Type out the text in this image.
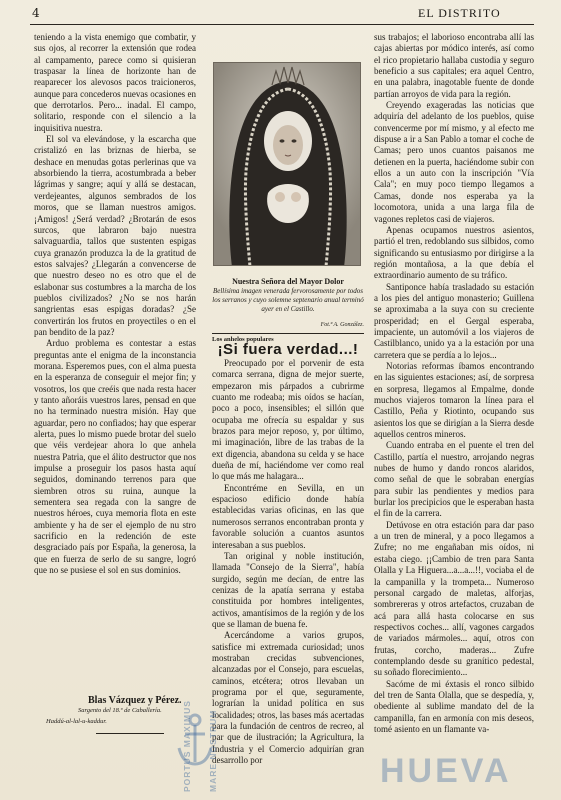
4	EL DISTRITO

teniendo a la vista enemigo que combatir, y sus ojos, al recorrer la extensión que rodea al campamento, parece como si quisieran traspasar la línea de horizonte han de reaparecer los alevosos pacos traicioneros, aunque para concederos nuevas ocasiones en que derrotarlos. Pero... inadal. El campo, solitario, responde con el silencio a la inquisitiva nuestra.

El sol va elevándose, y la escarcha que cristalizó en las briznas de hierba, se deshace en menudas gotas perlerinas que va absorbiendo la tierra, acostumbrada a beber lágrimas y sangre; aquí y allá se destacan, verdejeantes, algunos sembrados de los moros, que se llaman nuestros amigos. ¡Amigos! ¿Será verdad? ¿Brotarán de esos surcos, que labraron bajo nuestra salvaguardia, tallos que sustenten espigas cuya granazón produzca la de la gratitud de estos salvajes? ¿Llegarán a convencerse de que nuestro deseo no es otro que el de eslabonar sus costumbres a la marcha de los pueblos civilizados? ¿No se nos harán sangrientas esas espigas doradas? ¿Se convertirán los frutos en proyectiles o en el pan bendito de la paz?

Arduo problema es contestar a estas preguntas ante el enigma de la inconstancia morana. Esperemos pues, con el alma puesta en la esperanza de conseguir el mejor fin; y vosotros, los que creéis que nada resta hacer y tanto añoráis vuestros lares, pensad en que no ha terminado nuestra misión. Hay que aguardar, pero no confiados; hay que esperar alerta, pues lo mismo puede brotar del suelo que véis verdejear ahora lo que anhela nuestra Patria, que el álito destructor que nos impulse a proseguir los pasos hasta aquí seguidos, dominando terrenos para que siembren otros su ruina, aunque la sementera sea regada con la sangre de nuestros héroes, cuya memoria flota en este ambiente y ha de ser el ejemplo de nu stro sacrificio en la redención de este desgraciado país por España, la generosa, la que en fuerza de serlo de su sangre, logró que no se pusiese el sol en sus dominios.

Blas Vázquez y Pérez.
Sargento del 18.º de Caballería.
Haddú-al-lal-u-kaddur.
Nuestra Señora del Mayor Dolor
Bellísima imagen venerada fervorosamente por todos los serranos y cuyo solemne septenario anual terminó ayer en el Castillo.
Fot.ª A. González.
Los anhelos populares
¡Si fuera verdad...!

Preocupado por el porvenir de esta comarca serrana, digna de mejor suerte, empezaron mis párpados a cubrirme cuanto me rodeaba; mis oídos se hacían, poco a poco, insensibles; el sillón que ocupaba me ofrecía su espaldar y sus brazos para mejor reposo, y, por último, mi imaginación, libre de las trabas de la ext digencia, abandona su celda y se hace dueña de mí, haciéndome ver como real lo que más me halagara...

Encontréme en Sevilla, en un espacioso edificio donde había establecidas varias oficinas, en las que numerosos serranos encontraban pronta y favorable solución a cuantos asuntos interesaban a sus pueblos.

Tan original y noble institución, llamada "Consejo de la Sierra", había surgido, según me decían, de entre las cenizas de la apatía serrana y estaba constituida por hombres inteligentes, activos, amantísimos de la región y de los que se llaman de buena fe.

Acercándome a varios grupos, satisfice mi extremada curiosidad; unos mostraban crecidas subvenciones, alcanzadas por el Consejo, para escuelas, caminos, etcétera; otros llevaban un programa por el que, seguramente, lograrían la unidad política en sus localidades; otros, las bases más acertadas para la fundación de centros de recreo, al par que de ilustración; la Agricultura, la Industria y el Comercio adquirían gran desarrollo por

sus trabajos; el laborioso encontraba allí las cajas abiertas por módico interés, así como el rico propietario hallaba custodia y seguro beneficio a sus capitales; era aquel Centro, en una palabra, inagotable fuente de donde partían arroyos de vida para la región.

Creyendo exageradas las noticias que adquiría del adelanto de los pueblos, quise convencerme por mí mismo, y al efecto me dispuse a ir a San Pablo a tomar el coche de Camas; pero unos cuantos paisanos me detienen en la puerta, haciéndome subir con ellos a un auto con la inscripción "Vía Cala"; en muy poco tiempo llegamos a Camas, donde nos esperaba ya la locomotora, unida a una larga fila de vagones repletos casi de viajeros.

Apenas ocupamos nuestros asientos, partió el tren, redoblando sus silbidos, como significando su entusiasmo por dirigirse a la región montañosa, a la que debía el extraordinario aumento de su tráfico.

Santiponce había trasladado su estación a los pies del antiguo monasterio; Guillena se aproximaba a la suya con su creciente prosperidad; en el Gergal esperaba, impaciente, un automóvil a los viajeros de Castilblanco, unido ya a la estación por una carretera que se perdía a lo lejos...

Notorias reformas íbamos encontrando en las siguientes estaciones; así, de sorpresa en sorpresa, llegamos al Empalme, donde muchos viajeros tomaron la línea para el Castillo, Peña y Riotinto, ocupando sus asientos los que se dirigían a la Sierra desde aquellos centros mineros.

Cuando entraba en el puente el tren del Castillo, partía el nuestro, arrojando negras nubes de humo y dando roncos alaridos, como señal de que le sobraban energías para subir las pendientes y medios para burlar los precipicios que le esperaban hasta el fin de la carrera.

Detúvose en otra estación para dar paso a un tren de mineral, y a poco llegamos a Zufre; no me engañaban mis oídos, ni estaba ciego. ¡¡Cambio de tren para Santa Olalla y La Higuera...a...a...!!, vociaba el de la campanilla y la trompeta... Numeroso personal cargado de maletas, alforjas, sombrereras y otros artefactos, cruzaban de acá para allá hasta colocarse en sus respectivos coches... allí, vagones cargados de variados mármoles... aquí, otros con frutas, corcho, maderas... Zufre contemplando desde su granítico pedestal, su soñado florecimiento...

Sacóme de mi éxtasis el ronco silbido del tren de Santa Olalla, que se despedía, y, obediente al sublime mandato del de la campanilla, fan en armonía con mis deseos, tomé asiento en un flamante va-

PORTUS MAXIMUS MARE NOSTRUM	HUEVA
